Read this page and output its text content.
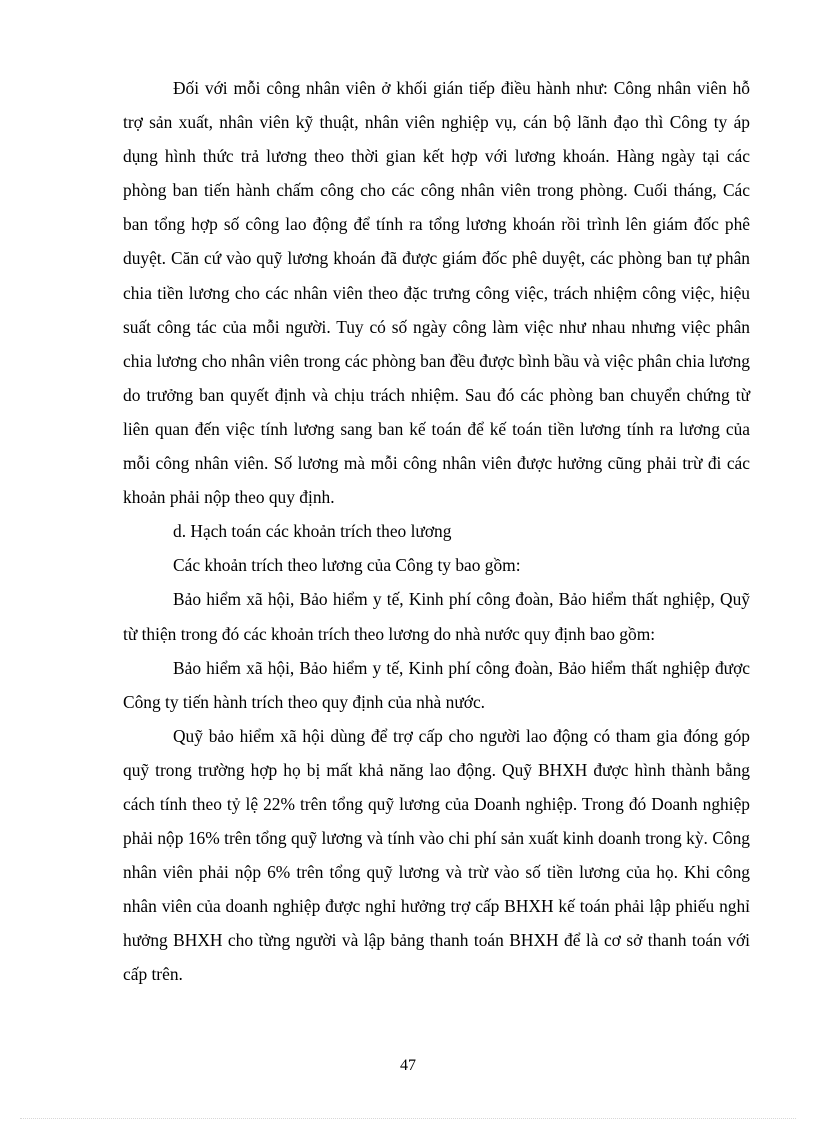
Đối với mỗi công nhân viên ở khối gián tiếp điều hành như: Công nhân viên hỗ trợ sản xuất, nhân viên kỹ thuật, nhân viên nghiệp vụ, cán bộ lãnh đạo thì Công ty áp dụng hình thức trả lương theo thời gian kết hợp với lương khoán. Hàng ngày tại các phòng ban tiến hành chấm công cho các công nhân viên trong phòng. Cuối tháng, Các ban tổng hợp số công lao động để tính ra tổng lương khoán rồi trình lên giám đốc phê duyệt. Căn cứ vào quỹ lương khoán đã được giám đốc phê duyệt, các phòng ban tự phân chia tiền lương cho các nhân viên theo đặc trưng công việc, trách nhiệm công việc, hiệu suất công tác của mỗi người. Tuy có số ngày công làm việc như nhau nhưng việc phân chia lương cho nhân viên trong các phòng ban đều được bình bầu và việc phân chia lương do trưởng ban quyết định và chịu trách nhiệm. Sau đó các phòng ban chuyển chứng từ liên quan đến việc tính lương sang ban kế toán để kế toán tiền lương tính ra lương của mỗi công nhân viên. Số lương mà mỗi công nhân viên được hưởng cũng phải trừ đi các khoản phải nộp theo quy định.

d. Hạch toán các khoản trích theo lương

Các khoản trích theo lương của Công ty bao gồm:

Bảo hiểm xã hội, Bảo hiểm y tế, Kinh phí công đoàn, Bảo hiểm thất nghiệp, Quỹ từ thiện trong đó các khoản trích theo lương do nhà nước quy định bao gồm:

Bảo hiểm xã hội, Bảo hiểm y tế, Kinh phí công đoàn, Bảo hiểm thất nghiệp được Công ty tiến hành trích theo quy định của nhà nước.

Quỹ bảo hiểm xã hội dùng để trợ cấp cho người lao động có tham gia đóng góp quỹ trong trường hợp họ bị mất khả năng lao động. Quỹ BHXH được hình thành bằng cách tính theo tỷ lệ 22% trên tổng quỹ lương của Doanh nghiệp. Trong đó Doanh nghiệp phải nộp 16% trên tổng quỹ lương và tính vào chi phí sản xuất kinh doanh trong kỳ. Công nhân viên phải nộp 6% trên tổng quỹ lương và trừ vào số tiền lương của họ. Khi công nhân viên của doanh nghiệp được nghỉ hưởng trợ cấp BHXH kế toán phải lập phiếu nghỉ hưởng BHXH cho từng người và lập bảng thanh toán BHXH để là cơ sở thanh toán với cấp trên.

47
